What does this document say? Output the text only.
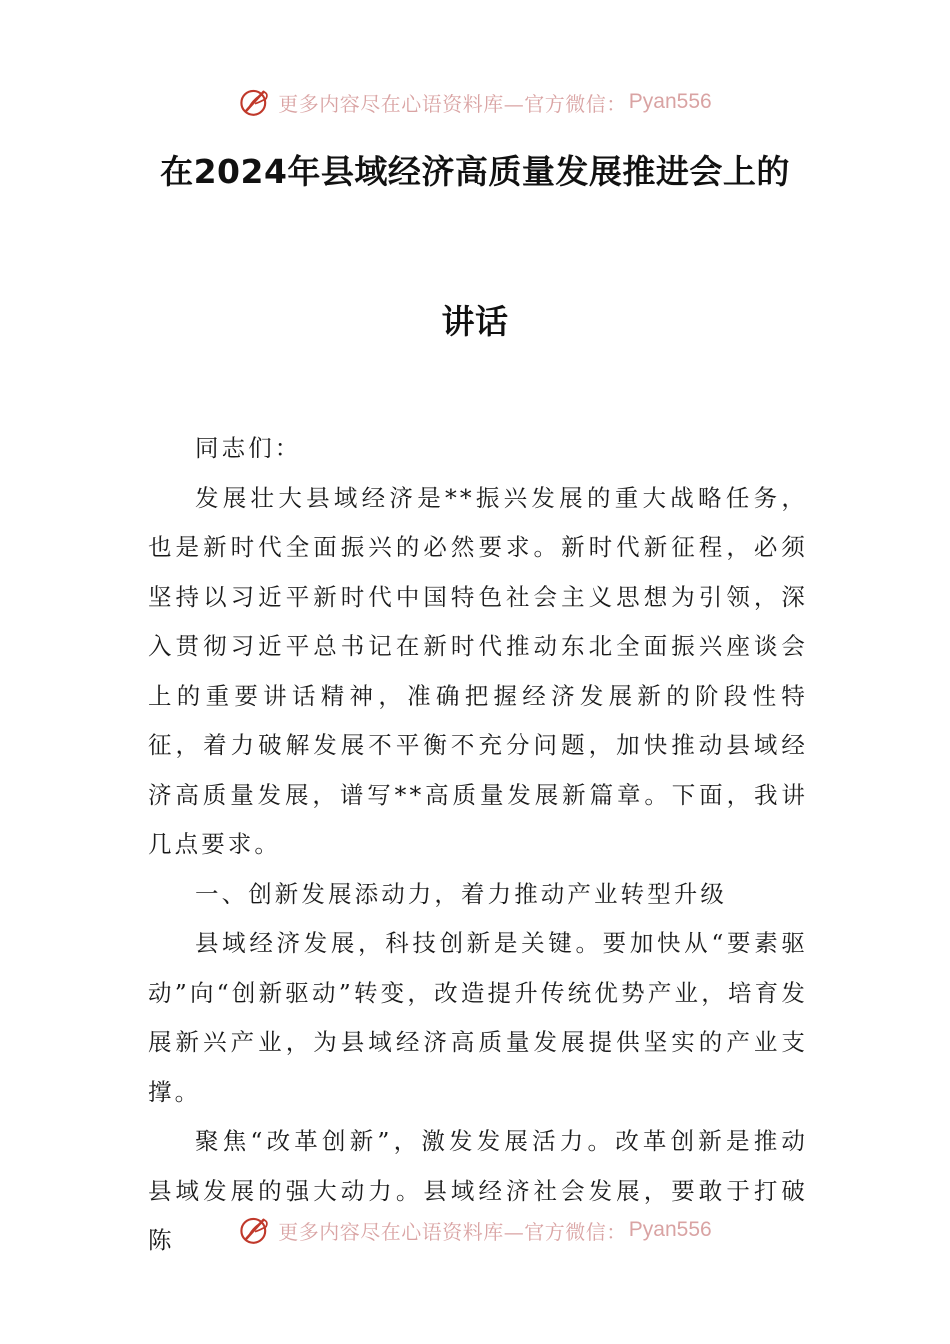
更多内容尽在心语资料库—官方微信： Pyan556
在2024年县域经济高质量发展推进会上的
讲话

同志们：

发展壮大县域经济是**振兴发展的重大战略任务，也是新时代全面振兴的必然要求。新时代新征程，必须坚持以习近平新时代中国特色社会主义思想为引领，深入贯彻习近平总书记在新时代推动东北全面振兴座谈会上的重要讲话精神，准确把握经济发展新的阶段性特征，着力破解发展不平衡不充分问题，加快推动县域经济高质量发展，谱写**高质量发展新篇章。下面，我讲几点要求。

一、创新发展添动力，着力推动产业转型升级

县域经济发展，科技创新是关键。要加快从“要素驱动”向“创新驱动”转变，改造提升传统优势产业，培育发展新兴产业，为县域经济高质量发展提供坚实的产业支撑。

聚焦“改革创新”，激发发展活力。改革创新是推动县域发展的强大动力。县域经济社会发展，要敢于打破陈	更多内容尽在心语资料库—官方微信： Pyan556
